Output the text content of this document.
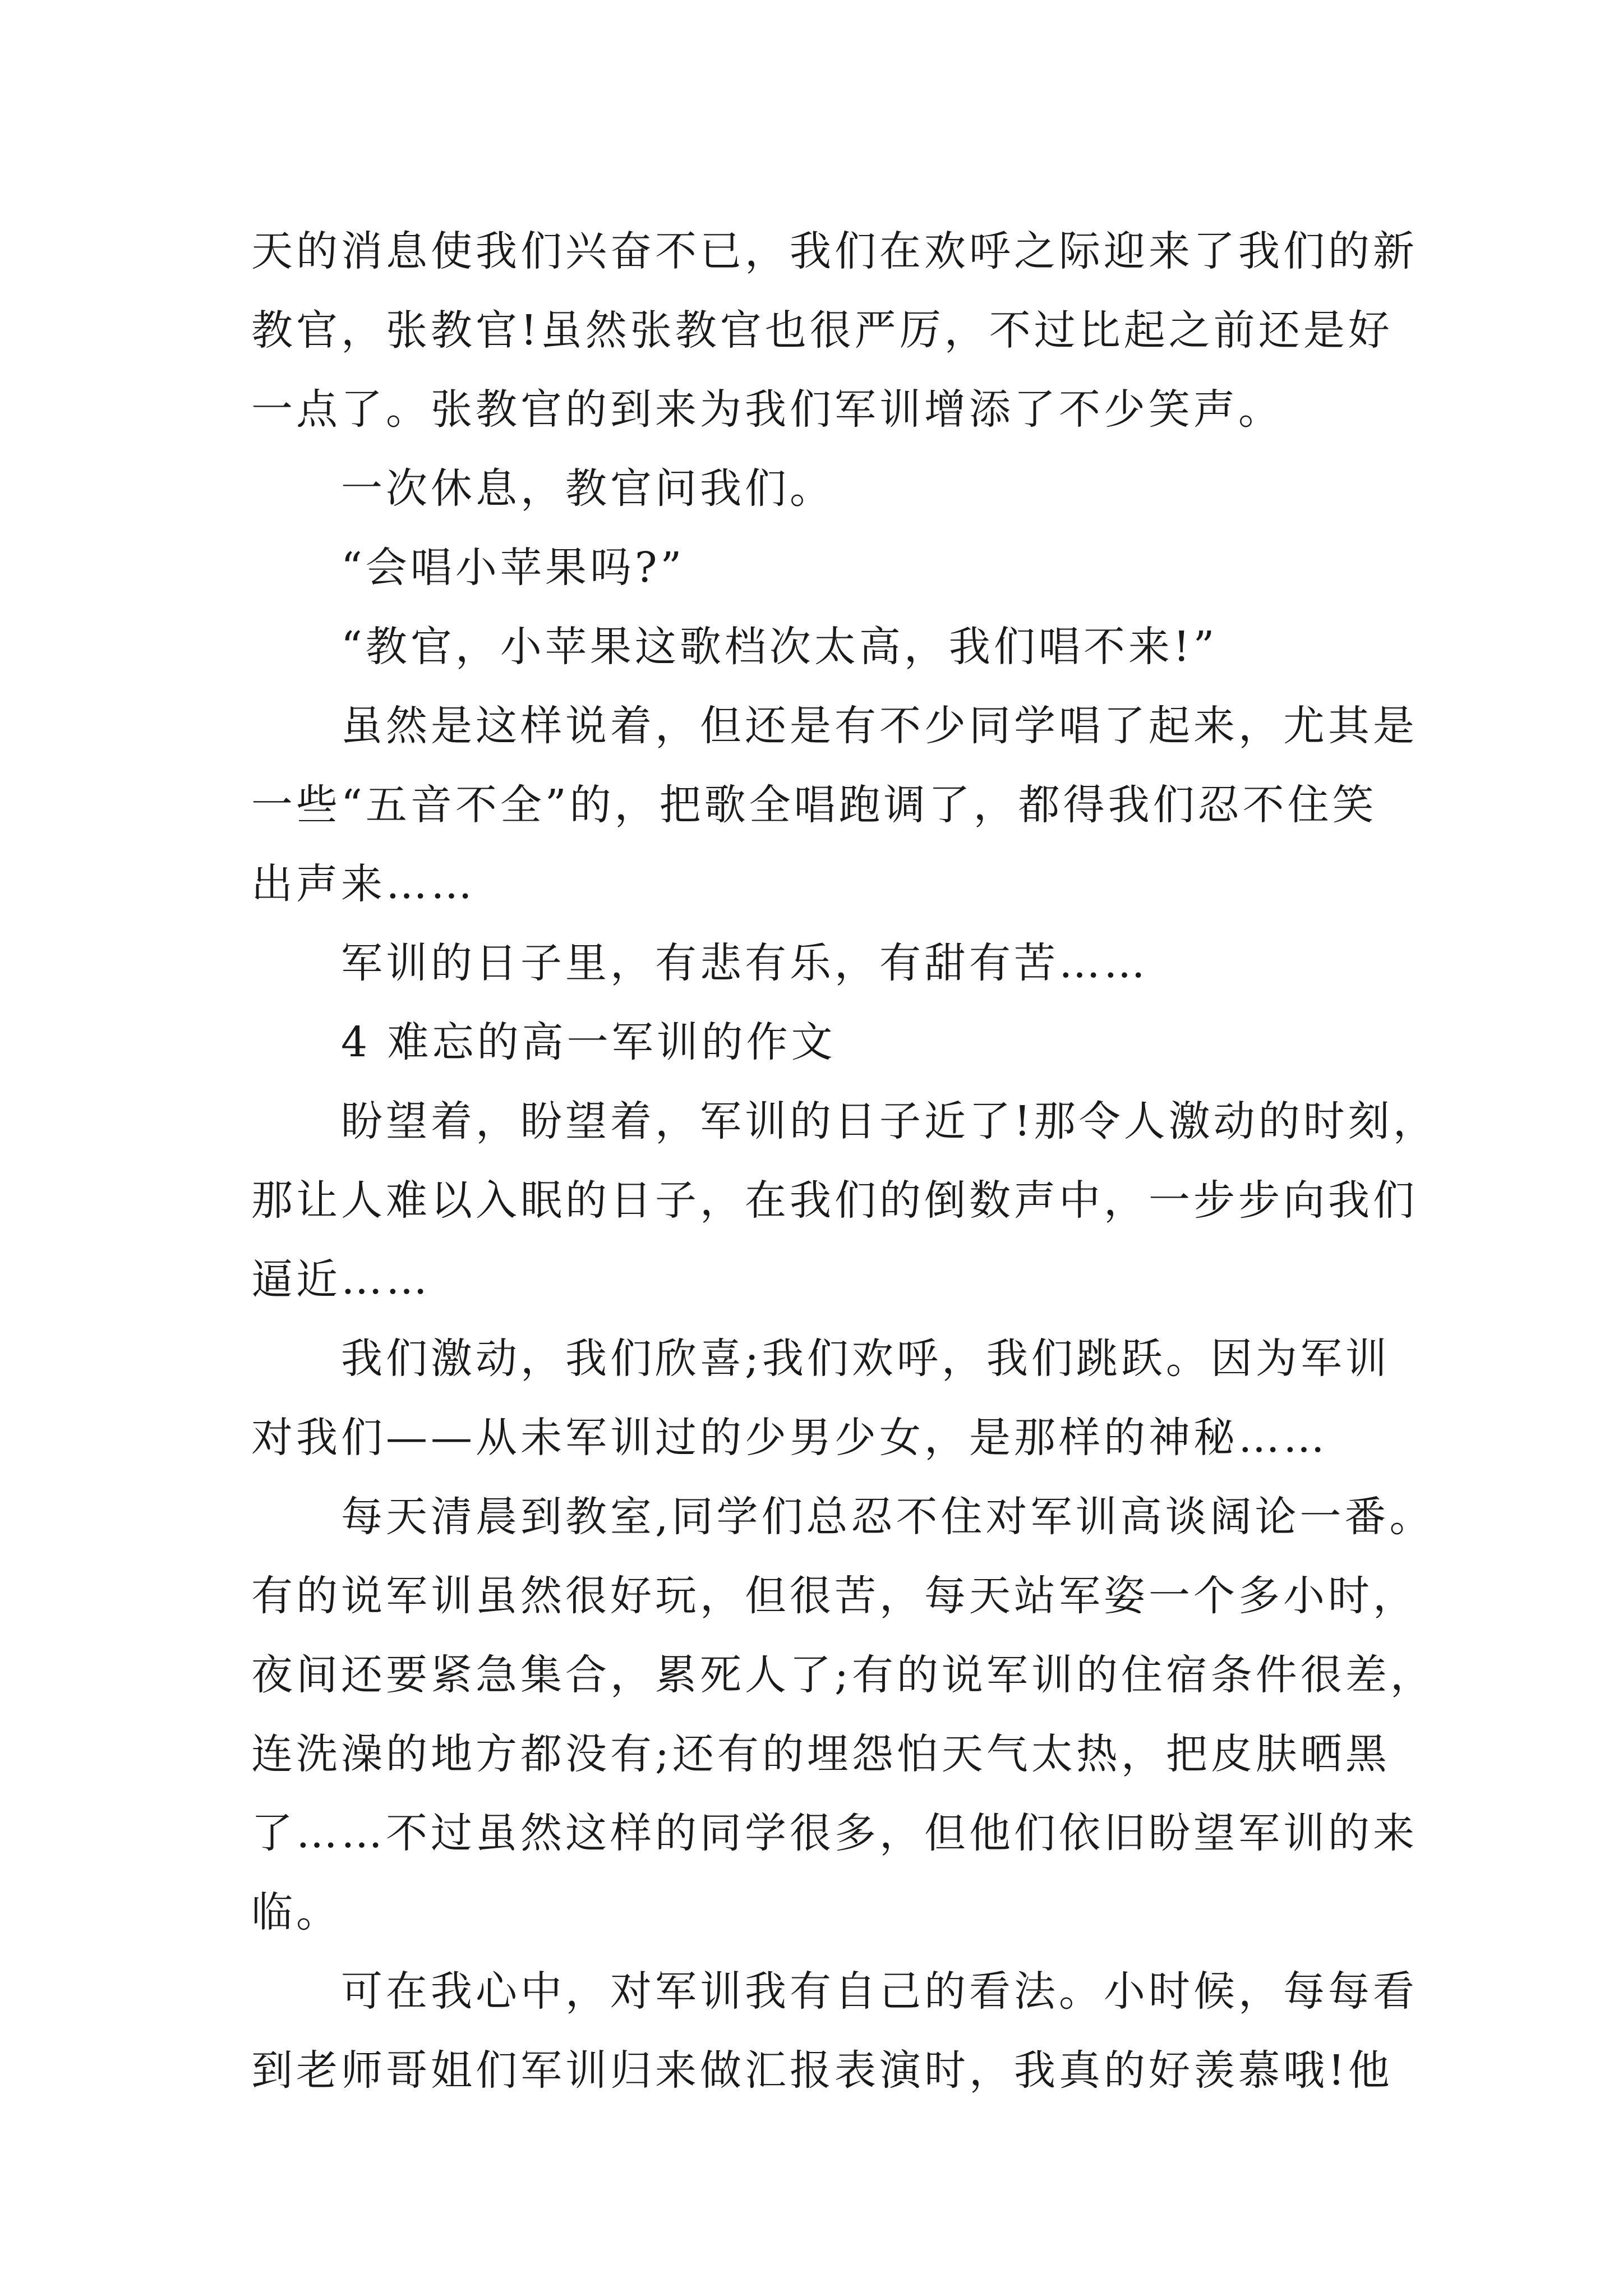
天的消息使我们兴奋不已，我们在欢呼之际迎来了我们的新
教官，张教官!虽然张教官也很严厉，不过比起之前还是好
一点了。张教官的到来为我们军训增添了不少笑声。
一次休息，教官问我们。
“会唱小苹果吗?”
“教官，小苹果这歌档次太高，我们唱不来!”
虽然是这样说着，但还是有不少同学唱了起来，尤其是
一些“五音不全”的，把歌全唱跑调了，都得我们忍不住笑
出声来……
军训的日子里，有悲有乐，有甜有苦……
4 难忘的高一军训的作文
盼望着，盼望着，军训的日子近了!那令人激动的时刻，
那让人难以入眠的日子，在我们的倒数声中，一步步向我们
逼近……
我们激动，我们欣喜;我们欢呼，我们跳跃。因为军训
对我们——从未军训过的少男少女，是那样的神秘……
每天清晨到教室,同学们总忍不住对军训高谈阔论一番。
有的说军训虽然很好玩，但很苦，每天站军姿一个多小时，
夜间还要紧急集合，累死人了;有的说军训的住宿条件很差，
连洗澡的地方都没有;还有的埋怨怕天气太热，把皮肤晒黑
了……不过虽然这样的同学很多，但他们依旧盼望军训的来
临。
可在我心中，对军训我有自己的看法。小时候，每每看
到老师哥姐们军训归来做汇报表演时，我真的好羡慕哦!他
